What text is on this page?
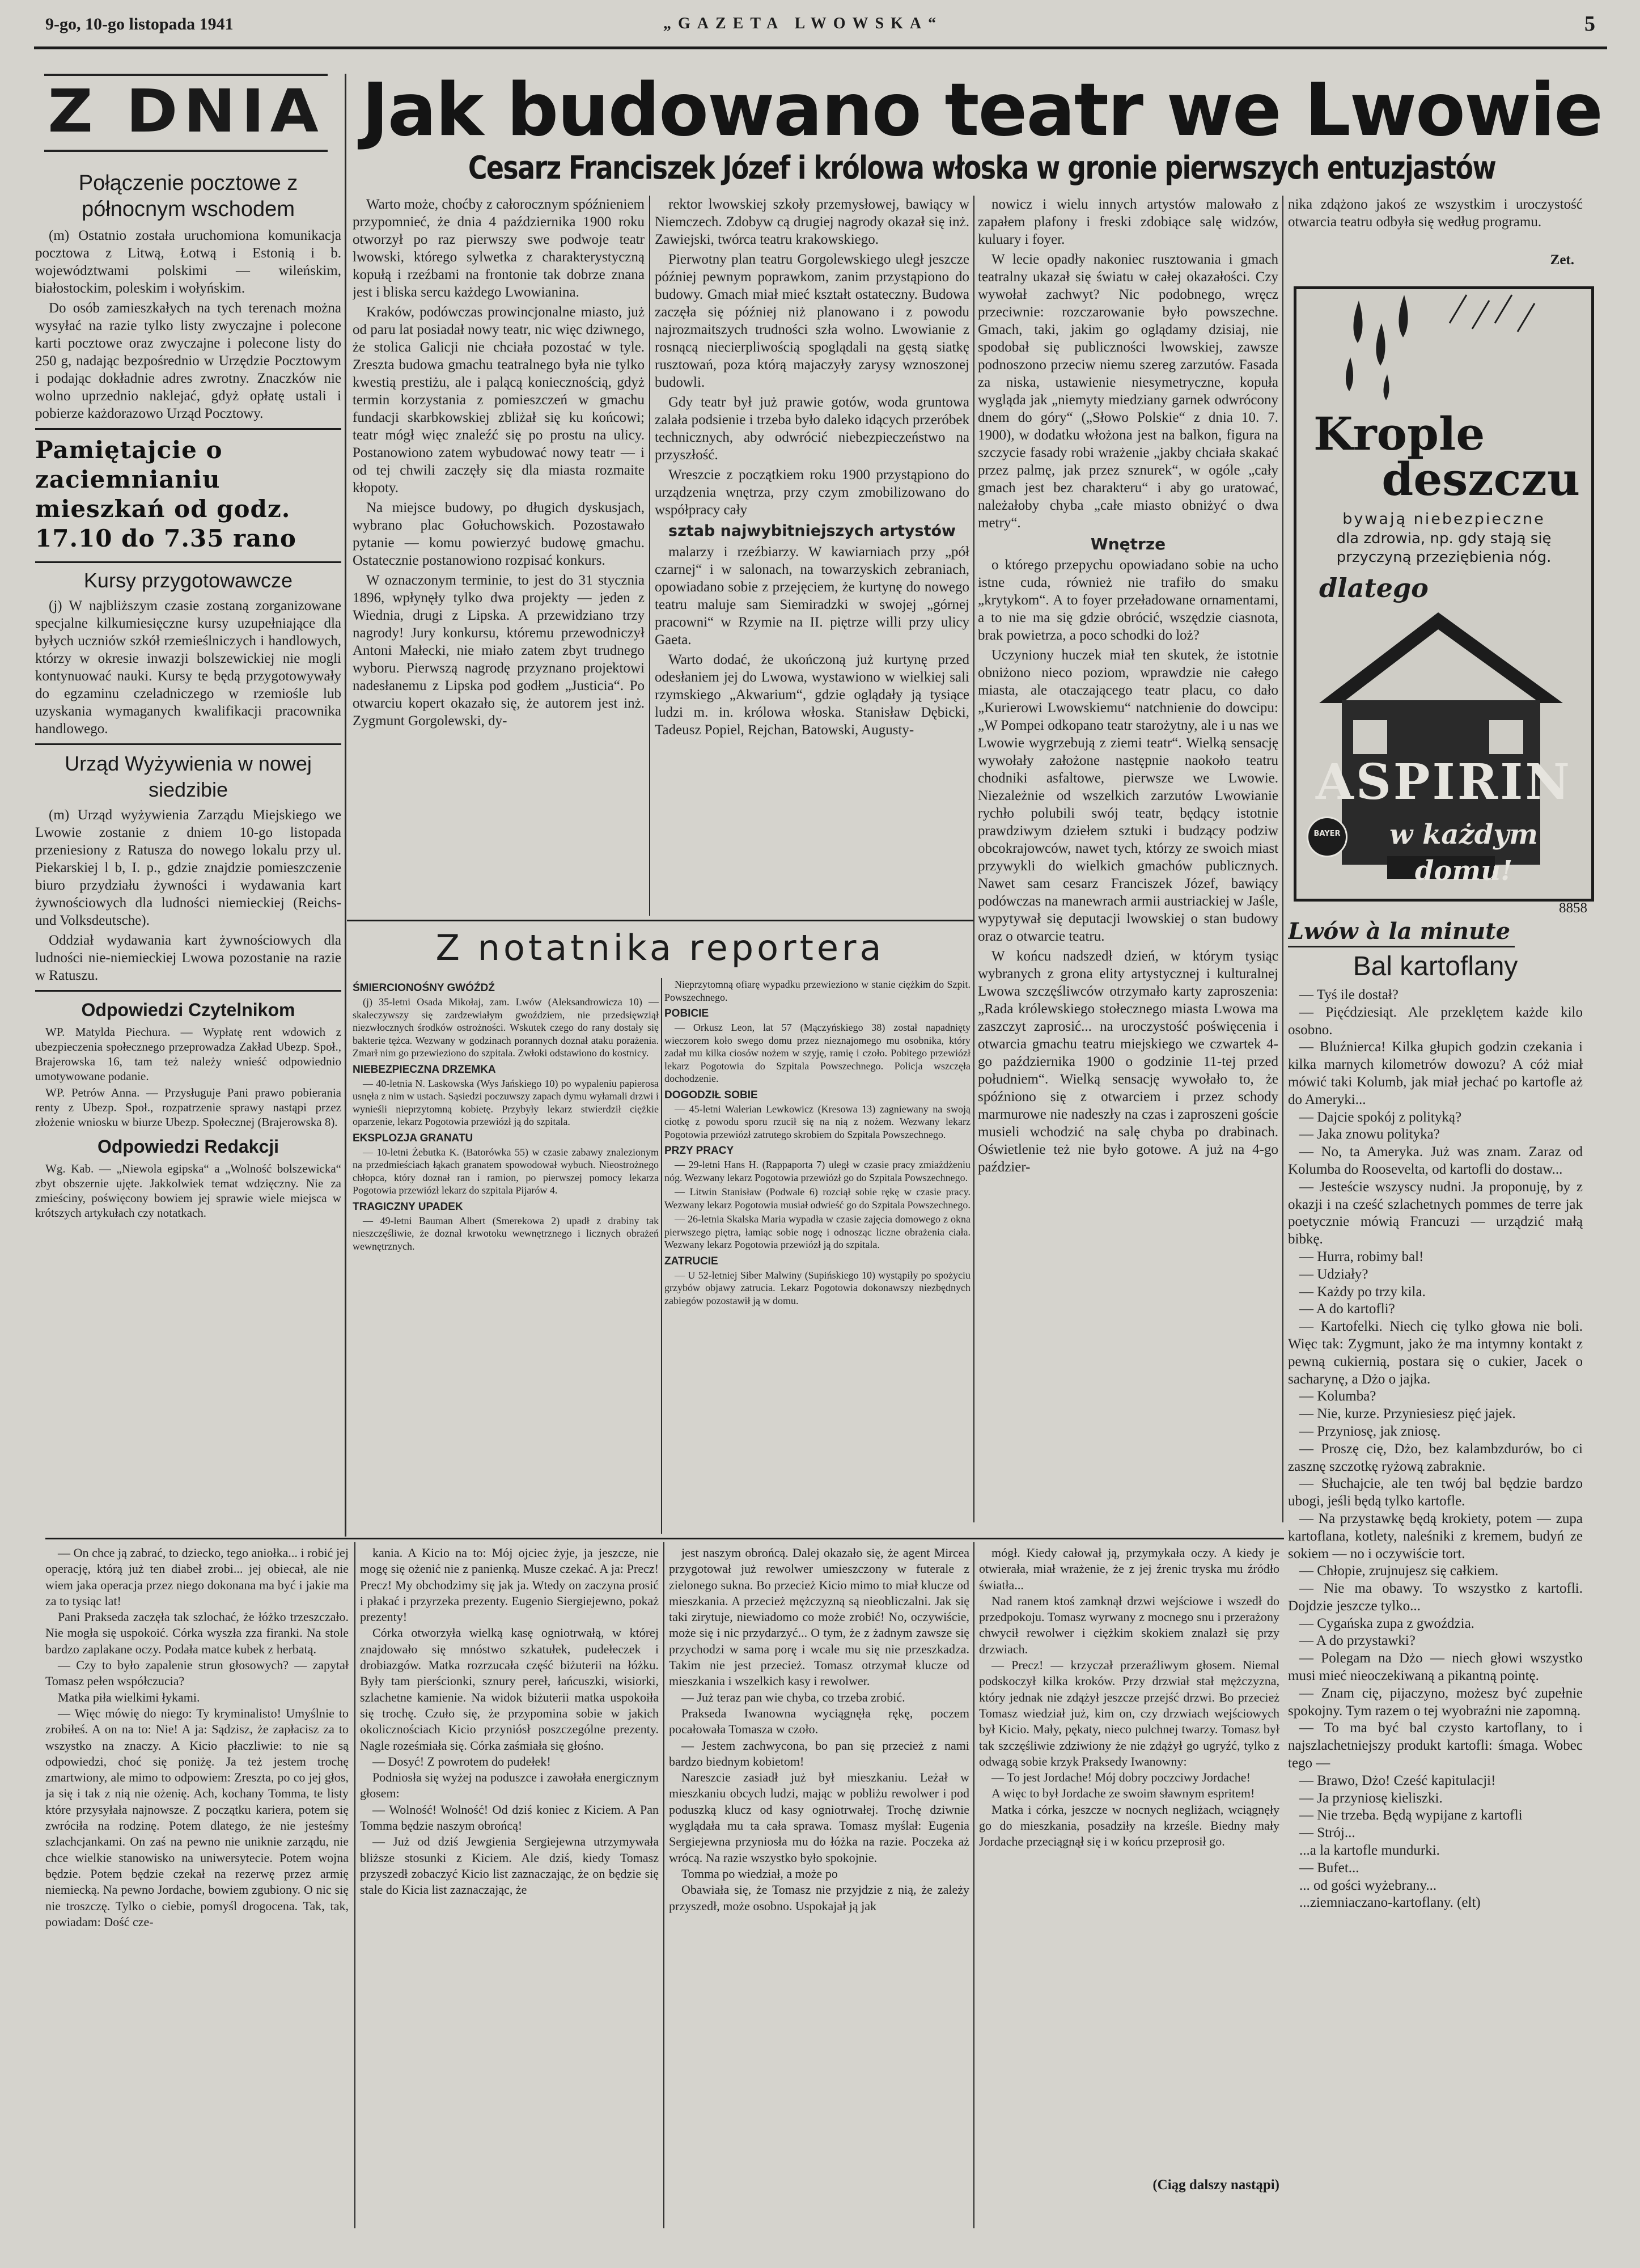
9-go, 10-go listopada 1941	„GAZETA LWOWSKA“	5
Z DNIA
Połączenie pocztowe z północnym wschodem

(m) Ostatnio została uruchomiona komunikacja pocztowa z Litwą, Łotwą i Estonią i b. województwami polskimi — wileńskim, białostockim, poleskim i wołyńskim.

Do osób zamieszkałych na tych terenach można wysyłać na razie tylko listy zwyczajne i polecone karti pocztowe oraz zwyczajne i polecone listy do 250 g, nadając bezpośrednio w Urzędzie Pocztowym i podając dokładnie adres zwrotny. Znaczków nie wolno uprzednio naklejać, gdyż opłatę ustali i pobierze każdorazowo Urząd Pocztowy.

Pamiętajcie o zaciemnianiu mieszkań od godz. 17.10 do 7.35 rano
Kursy przygotowawcze

(j) W najbliższym czasie zostaną zorganizowane specjalne kilkumiesięczne kursy uzupełniające dla byłych uczniów szkół rzemieślniczych i handlowych, którzy w okresie inwazji bolszewickiej nie mogli kontynuować nauki. Kursy te będą przygotowywały do egzaminu czeladniczego w rzemiośle lub uzyskania wymaganych kwalifikacji pracownika handlowego.

Urząd Wyżywienia w nowej siedzibie

(m) Urząd wyżywienia Zarządu Miejskiego we Lwowie zostanie z dniem 10-go listopada przeniesiony z Ratusza do nowego lokalu przy ul. Piekarskiej l b, I. p., gdzie znajdzie pomieszczenie biuro przydziału żywności i wydawania kart żywnościowych dla ludności niemieckiej (Reichs- und Volksdeutsche).

Oddział wydawania kart żywnościowych dla ludności nie-niemieckiej Lwowa pozostanie na razie w Ratuszu.

Odpowiedzi Czytelnikom

WP. Matylda Piechura. — Wypłatę rent wdowich z ubezpieczenia społecznego przeprowadza Zakład Ubezp. Społ., Brajerowska 16, tam też należy wnieść odpowiednio umotywowane podanie.

WP. Petrów Anna. — Przysługuje Pani prawo pobierania renty z Ubezp. Społ., rozpatrzenie sprawy nastąpi przez złożenie wniosku w biurze Ubezp. Społecznej (Brajerowska 8).

Odpowiedzi Redakcji

Wg. Kab. — „Niewola egipska“ a „Wolność bolszewicka“ zbyt obszernie ujęte. Jakkolwiek temat wdzięczny. Nie za zmieściny, poświęcony bowiem jej sprawie wiele miejsca w krótszych artykułach czy notatkach.

Jak budowano teatr we Lwowie
Cesarz Franciszek Józef i królowa włoska w gronie pierwszych entuzjastów

Warto może, choćby z całorocznym spóźnieniem przypomnieć, że dnia 4 października 1900 roku otworzył po raz pierwszy swe podwoje teatr lwowski, którego sylwetka z charakterystyczną kopułą i rzeźbami na frontonie tak dobrze znana jest i bliska sercu każdego Lwowianina.

Kraków, podówczas prowincjonalne miasto, już od paru lat posiadał nowy teatr, nic więc dziwnego, że stolica Galicji nie chciała pozostać w tyle. Zreszta budowa gmachu teatralnego była nie tylko kwestią prestiżu, ale i palącą koniecznością, gdyż termin korzystania z pomieszczeń w gmachu fundacji skarbkowskiej zbliżał się ku końcowi; teatr mógł więc znaleźć się po prostu na ulicy. Postanowiono zatem wybudować nowy teatr — i od tej chwili zaczęły się dla miasta rozmaite kłopoty.

Na miejsce budowy, po długich dyskusjach, wybrano plac Gołuchowskich. Pozostawało pytanie — komu powierzyć budowę gmachu. Ostatecznie postanowiono rozpisać konkurs.

W oznaczonym terminie, to jest do 31 stycznia 1896, wpłynęły tylko dwa projekty — jeden z Wiednia, drugi z Lipska. A przewidziano trzy nagrody! Jury konkursu, któremu przewodniczył Antoni Małecki, nie miało zatem zbyt trudnego wyboru. Pierwszą nagrodę przyznano projektowi nadesłanemu z Lipska pod godłem „Justicia“. Po otwarciu kopert okazało się, że autorem jest inż. Zygmunt Gorgolewski, dy-

rektor lwowskiej szkoły przemysłowej, bawiący w Niemczech. Zdobyw cą drugiej nagrody okazał się inż. Zawiejski, twórca teatru krakowskiego.

Pierwotny plan teatru Gorgolewskiego uległ jeszcze później pewnym poprawkom, zanim przystąpiono do budowy. Gmach miał mieć kształt ostateczny. Budowa zaczęła się później niż planowano i z powodu najrozmaitszych trudności szła wolno. Lwowianie z rosnącą niecierpliwością spoglądali na gęstą siatkę rusztowań, poza którą majaczyły zarysy wznoszonej budowli.

Gdy teatr był już prawie gotów, woda gruntowa zalała podsienie i trzeba było daleko idących przeróbek technicznych, aby odwrócić niebezpieczeństwo na przyszłość.

Wreszcie z początkiem roku 1900 przystąpiono do urządzenia wnętrza, przy czym zmobilizowano do współpracy cały

sztab najwybitniejszych artystów

malarzy i rzeźbiarzy. W kawiarniach przy „pół czarnej“ i w salonach, na towarzyskich zebraniach, opowiadano sobie z przejęciem, że kurtynę do nowego teatru maluje sam Siemiradzki w swojej „górnej pracowni“ w Rzymie na II. piętrze willi przy ulicy Gaeta.

Warto dodać, że ukończoną już kurtynę przed odesłaniem jej do Lwowa, wystawiono w wielkiej sali rzymskiego „Akwarium“, gdzie oglądały ją tysiące ludzi m. in. królowa włoska. Stanisław Dębicki, Tadeusz Popiel, Rejchan, Batowski, Augusty-

nowicz i wielu innych artystów malowało z zapałem plafony i freski zdobiące salę widzów, kuluary i foyer.

W lecie opadły nakoniec rusztowania i gmach teatralny ukazał się światu w całej okazałości. Czy wywołał zachwyt? Nic podobnego, wręcz przeciwnie: rozczarowanie było powszechne. Gmach, taki, jakim go oglądamy dzisiaj, nie spodobał się publiczności lwowskiej, zawsze podnoszono przeciw niemu szereg zarzutów. Fasada za niska, ustawienie niesymetryczne, kopuła wygląda jak „niemyty miedziany garnek odwrócony dnem do góry“ („Słowo Polskie“ z dnia 10. 7. 1900), w dodatku włożona jest na balkon, figura na szczycie fasady robi wrażenie „jakby chciała skakać przez palmę, jak przez sznurek“, w ogóle „cały gmach jest bez charakteru“ i aby go uratować, należałoby chyba „całe miasto obniżyć o dwa metry“.

Wnętrze

o którego przepychu opowiadano sobie na ucho istne cuda, również nie trafiło do smaku „krytykom“. A to foyer przeładowane ornamentami, a to nie ma się gdzie obrócić, wszędzie ciasnota, brak powietrza, a poco schodki do loż?

Uczyniony huczek miał ten skutek, że istotnie obniżono nieco poziom, wprawdzie nie całego miasta, ale otaczającego teatr placu, co dało „Kurierowi Lwowskiemu“ natchnienie do dowcipu: „W Pompei odkopano teatr starożytny, ale i u nas we Lwowie wygrzebują z ziemi teatr“. Wielką sensację wywołały założone następnie naokoło teatru chodniki asfaltowe, pierwsze we Lwowie. Niezależnie od wszelkich zarzutów Lwowianie rychło polubili swój teatr, będący istotnie prawdziwym dziełem sztuki i budzący podziw obcokrajowców, nawet tych, którzy ze swoich miast przywykli do wielkich gmachów publicznych. Nawet sam cesarz Franciszek Józef, bawiący podówczas na manewrach armii austriackiej w Jaśle, wypytywał się deputacji lwowskiej o stan budowy oraz o otwarcie teatru.

W końcu nadszedł dzień, w którym tysiąc wybranych z grona elity artystycznej i kulturalnej Lwowa szczęśliwców otrzymało karty zaproszenia: „Rada królewskiego stołecznego miasta Lwowa ma zaszczyt zaprosić... na uroczystość poświęcenia i otwarcia gmachu teatru miejskiego we czwartek 4-go października 1900 o godzinie 11-tej przed południem“. Wielką sensację wywołało to, że spóźniono się z otwarciem i przez schody marmurowe nie nadeszły na czas i zaproszeni goście musieli wchodzić na salę chyba po drabinach. Oświetlenie też nie było gotowe. A już na 4-go paździer-

nika zdążono jakoś ze wszystkim i uroczystość otwarcia teatru odbyła się według programu.

Zet.
Krople
deszczu
bywają niebezpieczne
dla zdrowia, np. gdy stają się
przyczyną przeziębienia nóg.
dlatego
ASPIRIN
BAYER	w każdym domu!
8858
Lwów à la minute
Bal kartoflany

— Tyś ile dostał?

— Pięćdziesiąt. Ale przeklętem każde kilo osobno.

— Bluźnierca! Kilka głupich godzin czekania i kilka marnych kilometrów dowozu? A cóż miał mówić taki Kolumb, jak miał jechać po kartofle aż do Ameryki...

— Dajcie spokój z polityką?

— Jaka znowu polityka?

— No, ta Ameryka. Już was znam. Zaraz od Kolumba do Roosevelta, od kartofli do dostaw...

— Jesteście wszyscy nudni. Ja proponuję, by z okazji i na cześć szlachetnych pommes de terre jak poetycznie mówią Francuzi — urządzić małą bibkę.

— Hurra, robimy bal!

— Udziały?

— Każdy po trzy kila.

— A do kartofli?

— Kartofelki. Niech cię tylko głowa nie boli. Więc tak: Zygmunt, jako że ma intymny kontakt z pewną cukiernią, postara się o cukier, Jacek o sacharynę, a Dżo o jajka.

— Kolumba?

— Nie, kurze. Przyniesiesz pięć jajek.

— Przyniosę, jak zniosę.

— Proszę cię, Dżo, bez kalambzdurów, bo ci zasznę szczotkę ryżową zabraknie.

— Słuchajcie, ale ten twój bal będzie bardzo ubogi, jeśli będą tylko kartofle.

— Na przystawkę będą krokiety, potem — zupa kartoflana, kotlety, naleśniki z kremem, budyń ze sokiem — no i oczywiście tort.

— Chłopie, zrujnujesz się całkiem.

— Nie ma obawy. To wszystko z kartofli. Dojdzie jeszcze tylko...

— Cygańska zupa z gwoździa.

— A do przystawki?

— Polegam na Dżo — niech głowi wszystko musi mieć nieoczekiwaną a pikantną pointę.

— Znam cię, pijaczyno, możesz być zupełnie spokojny. Tym razem o tej wyobraźni nie zapomną.

— To ma być bal czysto kartoflany, to i najszlachetniejszy produkt kartofli: śmaga. Wobec tego —

— Brawo, Dżo! Cześć kapitulacji!

— Ja przyniosę kieliszki.

— Nie trzeba. Będą wypijane z kartofli

— Strój...

...a la kartofle mundurki.

— Bufet...

... od gości wyżebrany...

...ziemniaczano-kartoflany. (elt)

Z notatnika reportera
ŚMIERCIONOŚNY GWÓŹDŹ

(j) 35-letni Osada Mikołaj, zam. Lwów (Aleksandrowicza 10) — skaleczywszy się zardzewiałym gwoździem, nie przedsięwziął niezwłocznych środków ostrożności. Wskutek czego do rany dostały się bakterie tężca. Wezwany w godzinach porannych doznał ataku porażenia. Zmarł nim go przewieziono do szpitala. Zwłoki odstawiono do kostnicy.

NIEBEZPIECZNA DRZEMKA

— 40-letnia N. Laskowska (Wys Jańskiego 10) po wypaleniu papierosa usnęła z nim w ustach. Sąsiedzi poczuwszy zapach dymu wyłamali drzwi i wynieśli nieprzytomną kobietę. Przybyły lekarz stwierdził ciężkie oparzenie, lekarz Pogotowia przewiózł ją do szpitala.

EKSPLOZJA GRANATU

— 10-letni Żebutka K. (Batorówka 55) w czasie zabawy znalezionym na przedmieściach łąkach granatem spowodował wybuch. Nieostrożnego chłopca, który doznał ran i ramion, po pierwszej pomocy lekarza Pogotowia przewiózł lekarz do szpitala Pijarów 4.

TRAGICZNY UPADEK

— 49-letni Bauman Albert (Smerekowa 2) upadł z drabiny tak nieszczęśliwie, że doznał krwotoku wewnętrznego i licznych obrażeń wewnętrznych.

Nieprzytomną ofiarę wypadku przewieziono w stanie ciężkim do Szpit. Powszechnego.

POBICIE

— Orkusz Leon, lat 57 (Mączyńskiego 38) został napadnięty wieczorem koło swego domu przez nieznajomego mu osobnika, który zadał mu kilka ciosów nożem w szyję, ramię i czoło. Pobitego przewiózł lekarz Pogotowia do Szpitala Powszechnego. Policja wszczęła dochodzenie.

DOGODZIŁ SOBIE

— 45-letni Walerian Lewkowicz (Kresowa 13) zagniewany na swoją ciotkę z powodu sporu rzucił się na nią z nożem. Wezwany lekarz Pogotowia przewiózł zatrutego skrobiem do Szpitala Powszechnego.

PRZY PRACY

— 29-letni Hans H. (Rappaporta 7) uległ w czasie pracy zmiażdżeniu nóg. Wezwany lekarz Pogotowia przewiózł go do Szpitala Powszechnego.

— Litwin Stanisław (Podwale 6) rozciął sobie rękę w czasie pracy. Wezwany lekarz Pogotowia musiał odwieść go do Szpitala Powszechnego.

— 26-letnia Skalska Maria wypadła w czasie zajęcia domowego z okna pierwszego piętra, łamiąc sobie nogę i odnosząc liczne obrażenia ciała. Wezwany lekarz Pogotowia przewiózł ją do szpitala.

ZATRUCIE

— U 52-letniej Siber Malwiny (Supińskiego 10) wystąpiły po spożyciu grzybów objawy zatrucia. Lekarz Pogotowia dokonawszy niezbędnych zabiegów pozostawił ją w domu.

— On chce ją zabrać, to dziecko, tego aniołka... i robić jej operację, którą już ten diabeł zrobi... jej obiecał, ale nie wiem jaka operacja przez niego dokonana ma być i jakie ma za to tysiąc lat!

Pani Prakseda zaczęła tak szlochać, że łóżko trzeszczało. Nie mogła się uspokoić. Córka wyszła zza firanki. Na stole bardzo zaplakane oczy. Podała matce kubek z herbatą.

— Czy to było zapalenie strun głosowych? — zapytał Tomasz pełen współczucia?

Matka piła wielkimi łykami.

— Więc mówię do niego: Ty kryminalisto! Umyślnie to zrobiłeś. A on na to: Nie! A ja: Sądzisz, że zapłacisz za to wszystko na znaczy. A Kicio płaczliwie: to nie są odpowiedzi, choć się poniżę. Ja też jestem trochę zmartwiony, ale mimo to odpowiem: Zreszta, po co jej głos, ja się i tak z nią nie ożenię. Ach, kochany Tomma, te listy które przysyłała najnowsze. Z początku kariera, potem się zwróciła na rodzinę. Potem dlatego, że nie jesteśmy szlachcjankami. On zaś na pewno nie uniknie zarządu, nie chce wielkie stanowisko na uniwersytecie. Potem wojna będzie. Potem będzie czekał na rezerwę przez armię niemiecką. Na pewno Jordache, bowiem zgubiony. O nic się nie troszczę. Tylko o ciebie, pomyśl drogocena. Tak, tak, powiadam: Dość cze-

kania. A Kicio na to: Mój ojciec żyje, ja jeszcze, nie mogę się ożenić nie z panienką. Musze czekać. A ja: Precz! Precz! My obchodzimy się jak ja. Wtedy on zaczyna prosić i płakać i przyrzeka prezenty. Eugenio Siergiejewno, pokaż prezenty!

Córka otworzyła wielką kasę ogniotrwałą, w której znajdowało się mnóstwo szkatułek, pudełeczek i drobiazgów. Matka rozrzucała część biżuterii na łóżku. Były tam pierścionki, sznury pereł, łańcuszki, wisiorki, szlachetne kamienie. Na widok biżuterii matka uspokoiła się trochę. Czuło się, że przypomina sobie w jakich okolicznościach Kicio przyniósł poszczególne prezenty. Nagle roześmiała się. Córka zaśmiała się głośno.

— Dosyć! Z powrotem do pudełek!

Podniosła się wyżej na poduszce i zawołała energicznym głosem:

— Wolność! Wolność! Od dziś koniec z Kiciem. A Pan Tomma będzie naszym obrońcą!

— Już od dziś Jewgienia Sergiejewna utrzymywała bliższe stosunki z Kiciem. Ale dziś, kiedy Tomasz przyszedł zobaczyć Kicio list zaznaczając, że on będzie się stale do Kicia list zaznaczając, że

jest naszym obrońcą. Dalej okazało się, że agent Mircea przygotował już rewolwer umieszczony w futerale z zielonego sukna. Bo przecież Kicio mimo to miał klucze od mieszkania. A przecież mężczyzną są nieobliczalni. Jak się taki zirytuje, niewiadomo co może zrobić! No, oczywiście, może się i nic przydarzyć... O tym, że z żadnym zawsze się przychodzi w sama porę i wcale mu się nie przeszkadza. Takim nie jest przecież. Tomasz otrzymał klucze od mieszkania i wszelkich kasy i rewolwer.

— Już teraz pan wie chyba, co trzeba zrobić.

Prakseda Iwanowna wyciągnęła rękę, poczem pocałowała Tomasza w czoło.

— Jestem zachwycona, bo pan się przecież z nami bardzo biednym kobietom!

Nareszcie zasiadł już był mieszkaniu. Leżał w mieszkaniu obcych ludzi, mając w pobliżu rewolwer i pod poduszką klucz od kasy ogniotrwałej. Trochę dziwnie wyglądała mu ta cała sprawa. Tomasz myślał: Eugenia Sergiejewna przyniosła mu do łóżka na razie. Poczeka aż wrócą. Na razie wszystko było spokojnie.

Tomma po wiedział, a może po

Obawiała się, że Tomasz nie przyjdzie z nią, że zależy przyszedł, może osobno. Uspokajał ją jak

mógł. Kiedy całował ją, przymykała oczy. A kiedy je otwierała, miał wrażenie, że z jej źrenic tryska mu źródło światła...

Nad ranem ktoś zamknął drzwi wejściowe i wszedł do przedpokoju. Tomasz wyrwany z mocnego snu i przerażony chwycił rewolwer i ciężkim skokiem znalazł się przy drzwiach.

— Precz! — krzyczał przeraźliwym głosem. Niemal podskoczył kilka kroków. Przy drzwiał stał mężczyzna, który jednak nie zdążył jeszcze przejść drzwi. Bo przecież Tomasz wiedział już, kim on, czy drzwiach wejściowych był Kicio. Mały, pękaty, nieco pulchnej twarzy. Tomasz był tak szczęśliwie zdziwiony że nie zdążył go ugryźć, tylko z odwagą sobie krzyk Praksedy Iwanowny:

— To jest Jordache! Mój dobry poczciwy Jordache!

A więc to był Jordache ze swoim sławnym espritem!

Matka i córka, jeszcze w nocnych negliżach, wciągnęły go do mieszkania, posadziły na krześle. Biedny mały Jordache przeciągnął się i w końcu przeprosił go.

(Ciąg dalszy nastąpi)
